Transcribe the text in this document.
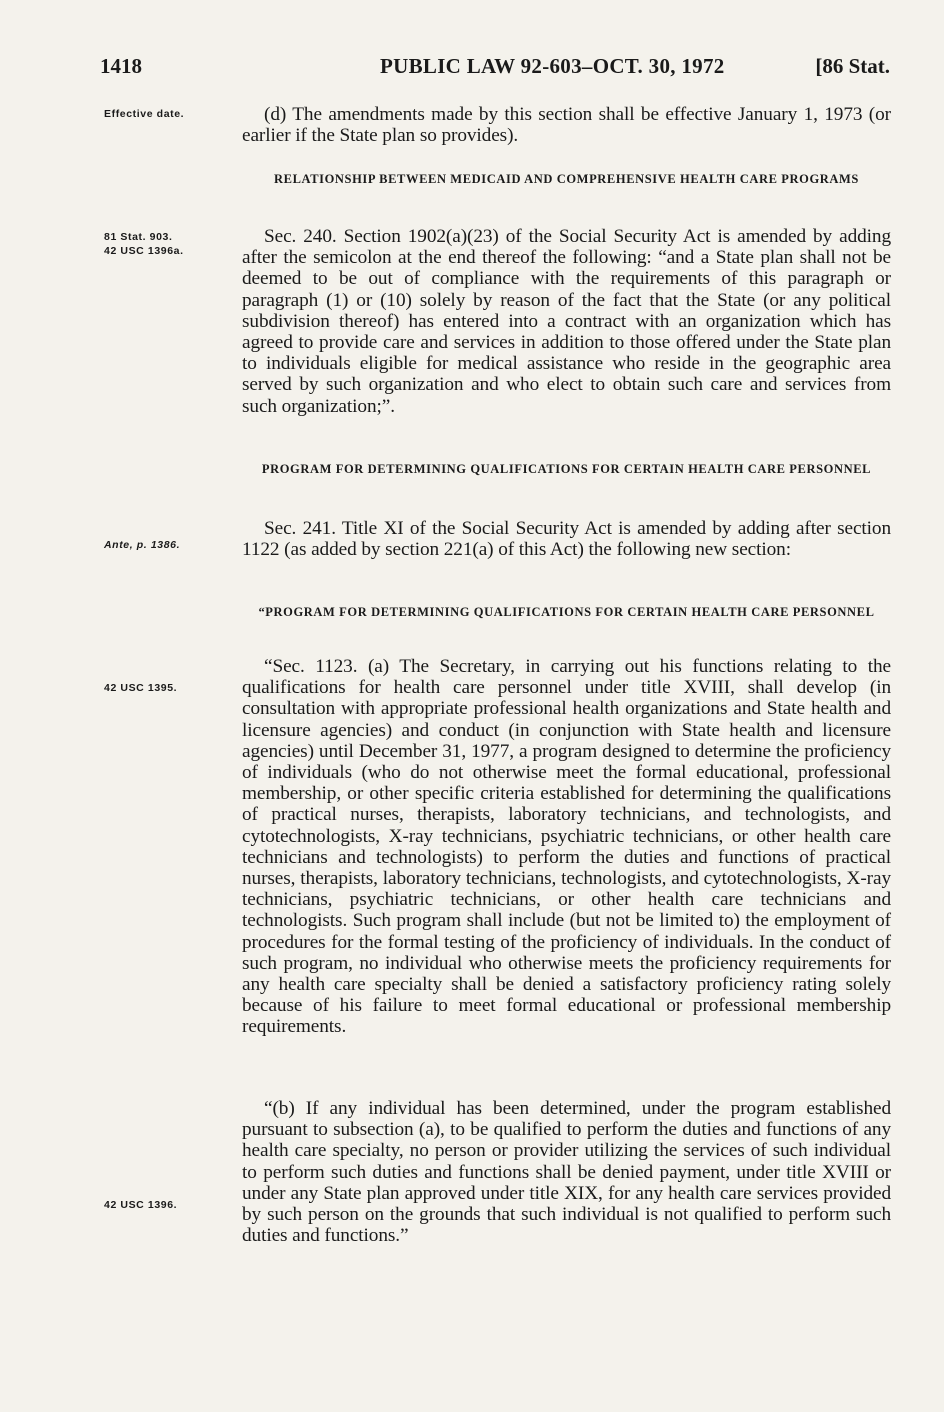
1418	PUBLIC LAW 92-603–OCT. 30, 1972	[86 Stat.
Effective date.
81 Stat. 903.
42 USC 1396a.
Ante, p. 1386.
42 USC 1395.
42 USC 1396.
(d) The amendments made by this section shall be effective January 1, 1973 (or earlier if the State plan so provides).
RELATIONSHIP BETWEEN MEDICAID AND COMPREHENSIVE HEALTH CARE PROGRAMS
Sec. 240. Section 1902(a)(23) of the Social Security Act is amended by adding after the semicolon at the end thereof the following: “and a State plan shall not be deemed to be out of compliance with the requirements of this paragraph or paragraph (1) or (10) solely by reason of the fact that the State (or any political subdivision thereof) has entered into a contract with an organization which has agreed to provide care and services in addition to those offered under the State plan to individuals eligible for medical assistance who reside in the geographic area served by such organization and who elect to obtain such care and services from such organization;”.
PROGRAM FOR DETERMINING QUALIFICATIONS FOR CERTAIN HEALTH CARE PERSONNEL
Sec. 241. Title XI of the Social Security Act is amended by adding after section 1122 (as added by section 221(a) of this Act) the following new section:
“PROGRAM FOR DETERMINING QUALIFICATIONS FOR CERTAIN HEALTH CARE PERSONNEL
“Sec. 1123. (a) The Secretary, in carrying out his functions relating to the qualifications for health care personnel under title XVIII, shall develop (in consultation with appropriate professional health organizations and State health and licensure agencies) and conduct (in conjunction with State health and licensure agencies) until December 31, 1977, a program designed to determine the proficiency of individuals (who do not otherwise meet the formal educational, professional membership, or other specific criteria established for determining the qualifications of practical nurses, therapists, laboratory technicians, and technologists, and cytotechnologists, X-ray technicians, psychiatric technicians, or other health care technicians and technologists) to perform the duties and functions of practical nurses, therapists, laboratory technicians, technologists, and cytotechnologists, X-ray technicians, psychiatric technicians, or other health care technicians and technologists. Such program shall include (but not be limited to) the employment of procedures for the formal testing of the proficiency of individuals. In the conduct of such program, no individual who otherwise meets the proficiency requirements for any health care specialty shall be denied a satisfactory proficiency rating solely because of his failure to meet formal educational or professional membership requirements.
“(b) If any individual has been determined, under the program established pursuant to subsection (a), to be qualified to perform the duties and functions of any health care specialty, no person or provider utilizing the services of such individual to perform such duties and functions shall be denied payment, under title XVIII or under any State plan approved under title XIX, for any health care services provided by such person on the grounds that such individual is not qualified to perform such duties and functions.”
